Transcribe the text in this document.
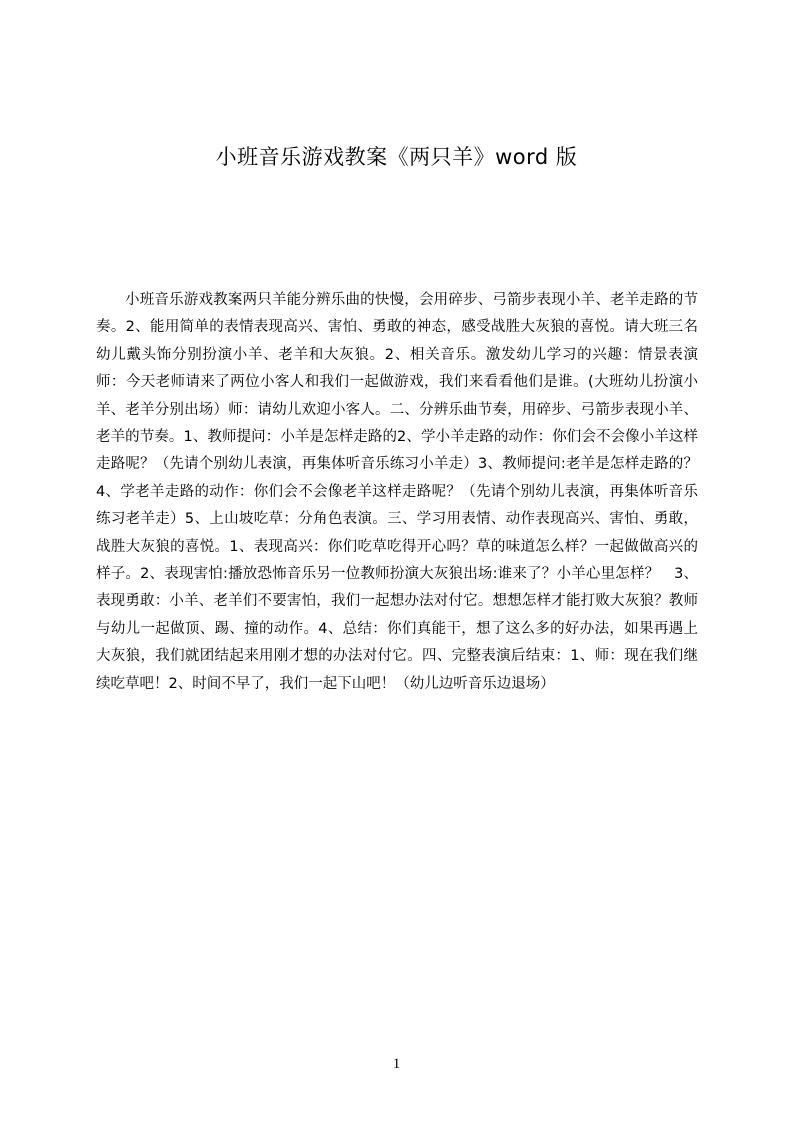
小班音乐游戏教案《两只羊》word 版
小班音乐游戏教案两只羊能分辨乐曲的快慢，会用碎步、弓箭步表现小羊、老羊走路的节奏。2、能用简单的表情表现高兴、害怕、勇敢的神态，感受战胜大灰狼的喜悦。请大班三名幼儿戴头饰分别扮演小羊、老羊和大灰狼。2、相关音乐。激发幼儿学习的兴趣：情景表演师：今天老师请来了两位小客人和我们一起做游戏，我们来看看他们是谁。(大班幼儿扮演小羊、老羊分别出场）师：请幼儿欢迎小客人。二、分辨乐曲节奏，用碎步、弓箭步表现小羊、老羊的节奏。1、教师提问：小羊是怎样走路的2、学小羊走路的动作：你们会不会像小羊这样走路呢？（先请个别幼儿表演，再集体听音乐练习小羊走）3、教师提问:老羊是怎样走路的？　4、学老羊走路的动作：你们会不会像老羊这样走路呢？（先请个别幼儿表演，再集体听音乐练习老羊走）5、上山坡吃草：分角色表演。三、学习用表情、动作表现高兴、害怕、勇敢，战胜大灰狼的喜悦。1、表现高兴：你们吃草吃得开心吗？草的味道怎么样？一起做做高兴的样子。2、表现害怕:播放恐怖音乐另一位教师扮演大灰狼出场:谁来了？小羊心里怎样？　3、表现勇敢：小羊、老羊们不要害怕，我们一起想办法对付它。想想怎样才能打败大灰狼？教师与幼儿一起做顶、踢、撞的动作。4、总结：你们真能干，想了这么多的好办法，如果再遇上大灰狼，我们就团结起来用刚才想的办法对付它。四、完整表演后结束：1、师：现在我们继续吃草吧！2、时间不早了，我们一起下山吧！（幼儿边听音乐边退场）
1
